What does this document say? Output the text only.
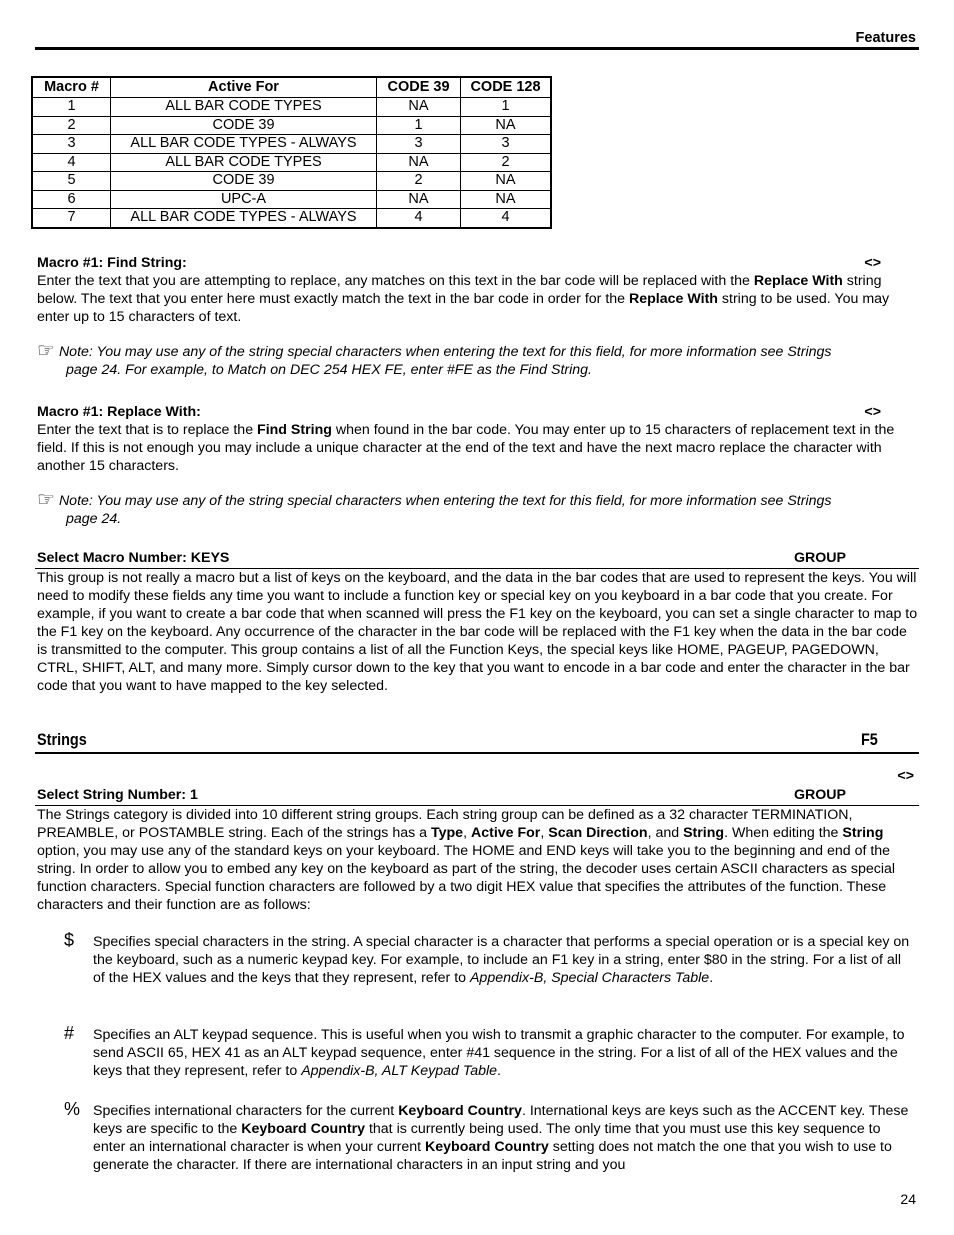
Features
Macro #	Active For	CODE 39	CODE 128
1	ALL BAR CODE TYPES	NA	1
2	CODE 39	1	NA
3	ALL BAR CODE TYPES - ALWAYS	3	3
4	ALL BAR CODE TYPES	NA	2
5	CODE 39	2	NA
6	UPC-A	NA	NA
7	ALL BAR CODE TYPES - ALWAYS	4	4
Macro #1: Find String:	<>
Enter the text that you are attempting to replace, any matches on this text in the bar code will be replaced with the Replace With string below. The text that you enter here must exactly match the text in the bar code in order for the Replace With string to be used. You may enter up to 15 characters of text.
☞ Note: You may use any of the string special characters when entering the text for this field, for more information see Strings
page 24. For example, to Match on DEC 254 HEX FE, enter #FE as the Find String.
Macro #1: Replace With:	<>
Enter the text that is to replace the Find String when found in the bar code. You may enter up to 15 characters of replacement text in the field. If this is not enough you may include a unique character at the end of the text and have the next macro replace the character with another 15 characters.
☞ Note: You may use any of the string special characters when entering the text for this field, for more information see Strings
page 24.
Select Macro Number: KEYS	GROUP
This group is not really a macro but a list of keys on the keyboard, and the data in the bar codes that are used to represent the keys. You will need to modify these fields any time you want to include a function key or special key on you keyboard in a bar code that you create. For example, if you want to create a bar code that when scanned will press the F1 key on the keyboard, you can set a single character to map to the F1 key on the keyboard. Any occurrence of the character in the bar code will be replaced with the F1 key when the data in the bar code is transmitted to the computer. This group contains a list of all the Function Keys, the special keys like HOME, PAGEUP, PAGEDOWN, CTRL, SHIFT, ALT, and many more. Simply cursor down to the key that you want to encode in a bar code and enter the character in the bar code that you want to have mapped to the key selected.
Strings	F5
<>
Select String Number: 1	GROUP
The Strings category is divided into 10 different string groups. Each string group can be defined as a 32 character TERMINATION, PREAMBLE, or POSTAMBLE string. Each of the strings has a Type, Active For, Scan Direction, and String. When editing the String option, you may use any of the standard keys on your keyboard. The HOME and END keys will take you to the beginning and end of the string. In order to allow you to embed any key on the keyboard as part of the string, the decoder uses certain ASCII characters as special function characters. Special function characters are followed by a two digit HEX value that specifies the attributes of the function. These characters and their function are as follows:
$ Specifies special characters in the string. A special character is a character that performs a special operation or is a special key on the keyboard, such as a numeric keypad key. For example, to include an F1 key in a string, enter $80 in the string. For a list of all of the HEX values and the keys that they represent, refer to Appendix-B, Special Characters Table.
# Specifies an ALT keypad sequence. This is useful when you wish to transmit a graphic character to the computer. For example, to send ASCII 65, HEX 41 as an ALT keypad sequence, enter #41 sequence in the string. For a list of all of the HEX values and the keys that they represent, refer to Appendix-B, ALT Keypad Table.
% Specifies international characters for the current Keyboard Country. International keys are keys such as the ACCENT key. These keys are specific to the Keyboard Country that is currently being used. The only time that you must use this key sequence to enter an international character is when your current Keyboard Country setting does not match the one that you wish to use to generate the character. If there are international characters in an input string and you
24
